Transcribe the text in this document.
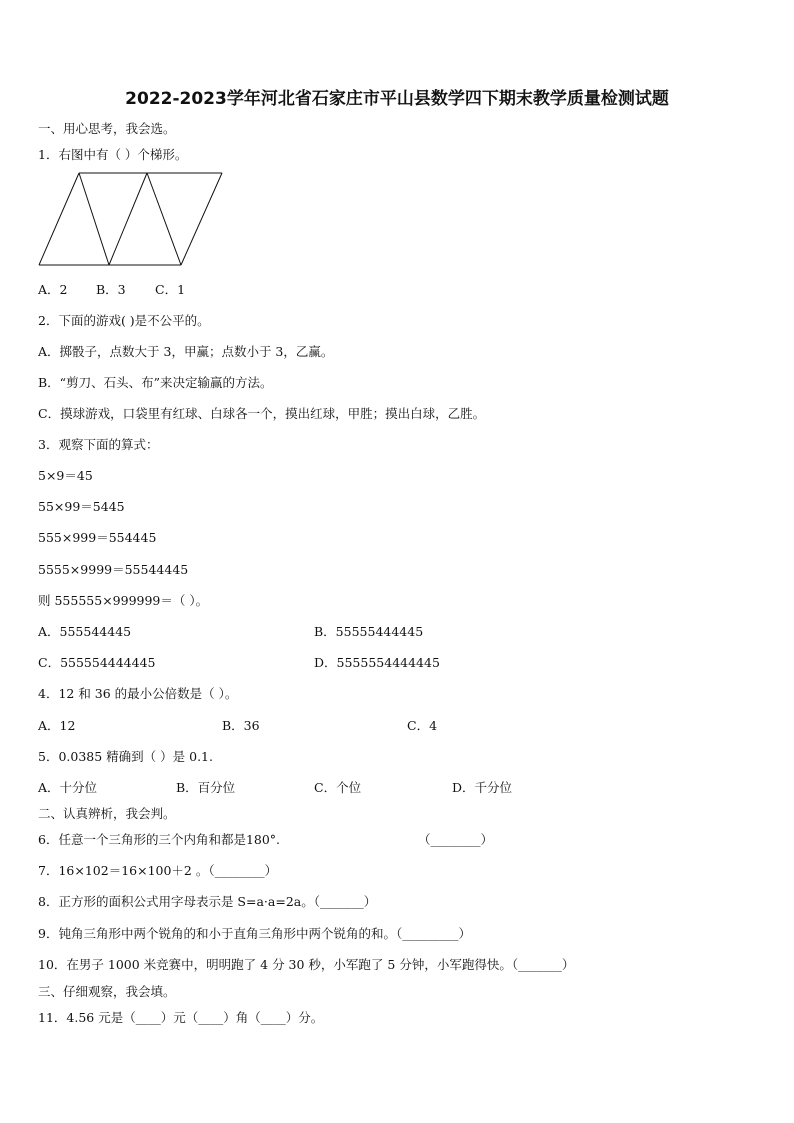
2022-2023学年河北省石家庄市平山县数学四下期末教学质量检测试题
一、用心思考，我会选。
1．右图中有（ ）个梯形。
A．2 B．3 C．1
2．下面的游戏( )是不公平的。
A．掷骰子，点数大于 3，甲赢；点数小于 3，乙赢。
B．“剪刀、石头、布”来决定输赢的方法。
C．摸球游戏，口袋里有红球、白球各一个，摸出红球，甲胜；摸出白球，乙胜。
3．观察下面的算式：
5×9＝45
55×99＝5445
555×999＝554445
5555×9999＝55544445
则 555555×999999＝（ ）。
A．555544445	B．55555444445
C．555554444445	D．5555554444445
4．12 和 36 的最小公倍数是（ ）。
A．12	B．36	C．4
5．0.0385 精确到（ ）是 0.1.
A．十分位	B．百分位	C．个位	D．千分位
二、认真辨析，我会判。
6．任意一个三角形的三个内角和都是180°.	（________）
7．16×102＝16×100＋2 。（________）
8．正方形的面积公式用字母表示是 S=a·a=2a。（_______）
9．钝角三角形中两个锐角的和小于直角三角形中两个锐角的和。（_________）
10．在男子 1000 米竞赛中，明明跑了 4 分 30 秒，小军跑了 5 分钟，小军跑得快。（_______）
三、仔细观察，我会填。
11．4.56 元是（____）元（____）角（____）分。
